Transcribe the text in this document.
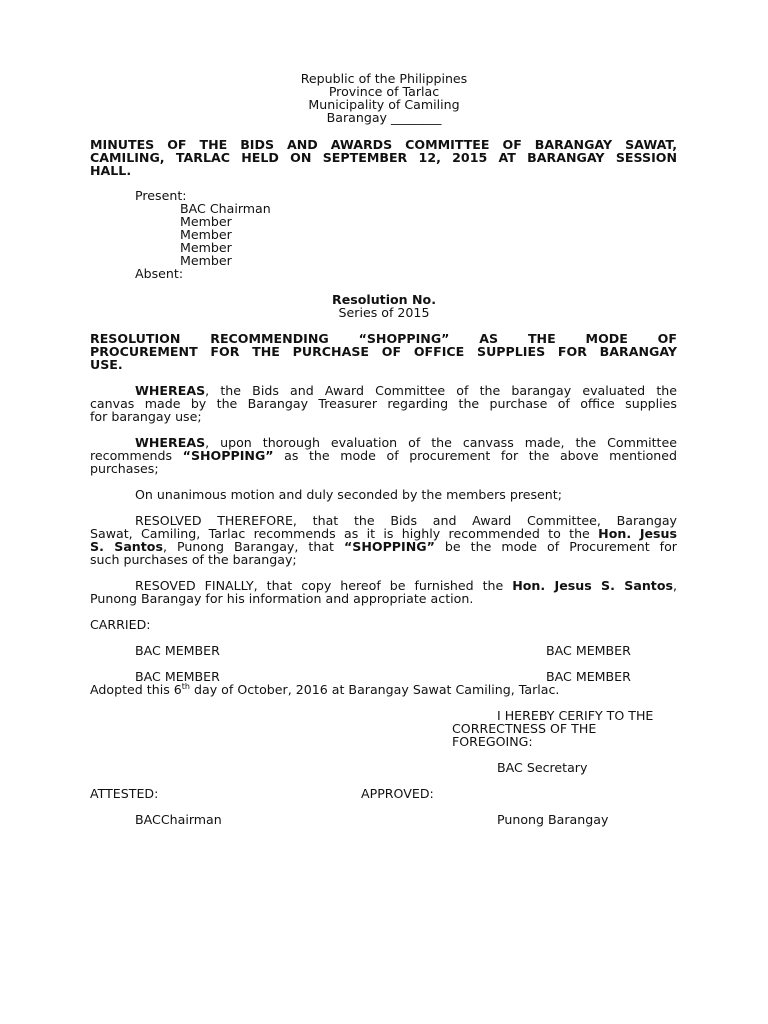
Republic of the Philippines
Province of Tarlac
Municipality of Camiling
Barangay ________
MINUTES OF THE BIDS AND AWARDS COMMITTEE OF BARANGAY SAWAT,
CAMILING, TARLAC HELD ON SEPTEMBER 12, 2015 AT BARANGAY SESSION
HALL.
Present:
BAC Chairman
Member
Member
Member
Member
Absent:
Resolution No.
Series of 2015
RESOLUTION RECOMMENDING “SHOPPING” AS THE MODE OF
PROCUREMENT FOR THE PURCHASE OF OFFICE SUPPLIES FOR BARANGAY
USE.
WHEREAS, the Bids and Award Committee of the barangay evaluated the
canvas made by the Barangay Treasurer regarding the purchase of office supplies
for barangay use;
WHEREAS, upon thorough evaluation of the canvass made, the Committee
recommends “SHOPPING” as the mode of procurement for the above mentioned
purchases;
On unanimous motion and duly seconded by the members present;
RESOLVED THEREFORE, that the Bids and Award Committee, Barangay
Sawat, Camiling, Tarlac recommends as it is highly recommended to the Hon. Jesus
S. Santos, Punong Barangay, that “SHOPPING” be the mode of Procurement for
such purchases of the barangay;
RESOVED FINALLY, that copy hereof be furnished the Hon. Jesus S. Santos,
Punong Barangay for his information and appropriate action.
CARRIED:
BAC MEMBER	BAC MEMBER
BAC MEMBER	BAC MEMBER
Adopted this 6th day of October, 2016 at Barangay Sawat Camiling, Tarlac.
I HEREBY CERIFY TO THE
CORRECTNESS OF THE
FOREGOING:
BAC Secretary
ATTESTED:	APPROVED:
BACChairman	Punong Barangay
